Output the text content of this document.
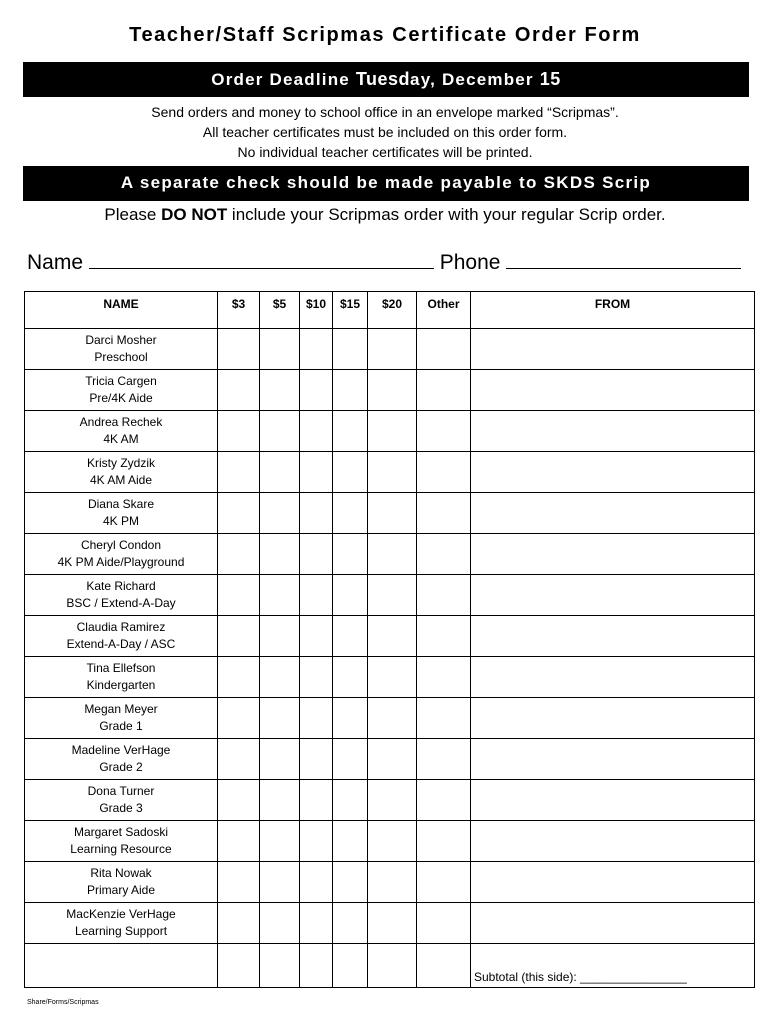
Teacher/Staff Scripmas Certificate Order Form
Order Deadline Tuesday, December 15
Send orders and money to school office in an envelope marked “Scripmas”.
All teacher certificates must be included on this order form.
No individual teacher certificates will be printed.
A separate check should be made payable to SKDS Scrip
Please DO NOT include your Scripmas order with your regular Scrip order.
Name	Phone
NAME	$3	$5	$10	$15	$20	Other	FROM

Darci Mosher
Preschool							

Tricia Cargen
Pre/4K Aide							

Andrea Rechek
4K AM							

Kristy Zydzik
4K AM Aide							

Diana Skare
4K PM							

Cheryl Condon
4K PM Aide/Playground							

Kate Richard
BSC / Extend-A-Day							

Claudia Ramirez
Extend-A-Day / ASC							

Tina Ellefson
Kindergarten							

Megan Meyer
Grade 1							

Madeline VerHage
Grade 2							

Dona Turner
Grade 3							

Margaret Sadoski
Learning Resource							

Rita Nowak
Primary Aide							

MacKenzie VerHage
Learning Support							

							Subtotal (this side): ________________
Share/Forms/Scripmas
